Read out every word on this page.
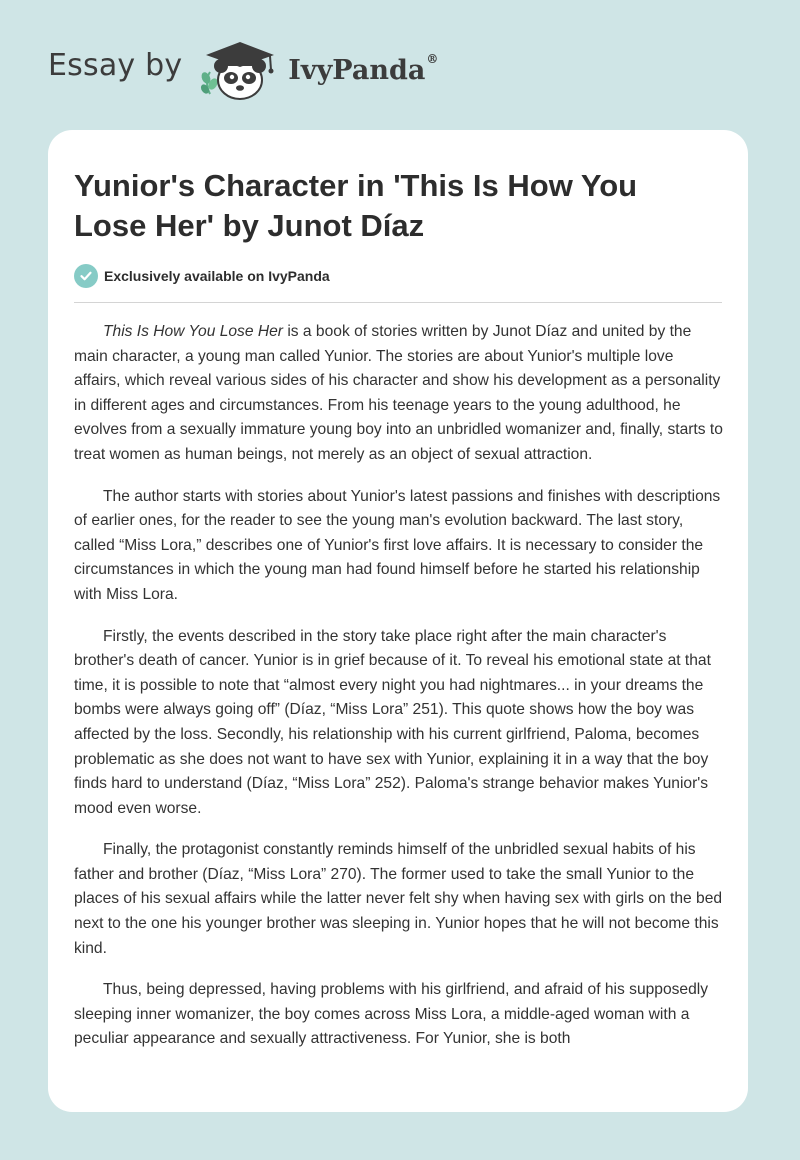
Essay by	IvyPanda®
Yunior's Character in 'This Is How You Lose Her' by Junot Díaz
Exclusively available on IvyPanda

This Is How You Lose Her is a book of stories written by Junot Díaz and united by the main character, a young man called Yunior. The stories are about Yunior's multiple love affairs, which reveal various sides of his character and show his development as a personality in different ages and circumstances. From his teenage years to the young adulthood, he evolves from a sexually immature young boy into an unbridled womanizer and, finally, starts to treat women as human beings, not merely as an object of sexual attraction.

The author starts with stories about Yunior's latest passions and finishes with descriptions of earlier ones, for the reader to see the young man's evolution backward. The last story, called “Miss Lora,” describes one of Yunior's first love affairs. It is necessary to consider the circumstances in which the young man had found himself before he started his relationship with Miss Lora.

Firstly, the events described in the story take place right after the main character's brother's death of cancer. Yunior is in grief because of it. To reveal his emotional state at that time, it is possible to note that “almost every night you had nightmares... in your dreams the bombs were always going off” (Díaz, “Miss Lora” 251). This quote shows how the boy was affected by the loss. Secondly, his relationship with his current girlfriend, Paloma, becomes problematic as she does not want to have sex with Yunior, explaining it in a way that the boy finds hard to understand (Díaz, “Miss Lora” 252). Paloma's strange behavior makes Yunior's mood even worse.

Finally, the protagonist constantly reminds himself of the unbridled sexual habits of his father and brother (Díaz, “Miss Lora” 270). The former used to take the small Yunior to the places of his sexual affairs while the latter never felt shy when having sex with girls on the bed next to the one his younger brother was sleeping in. Yunior hopes that he will not become this kind.

Thus, being depressed, having problems with his girlfriend, and afraid of his supposedly sleeping inner womanizer, the boy comes across Miss Lora, a middle-aged woman with a peculiar appearance and sexually attractiveness. For Yunior, she is both
